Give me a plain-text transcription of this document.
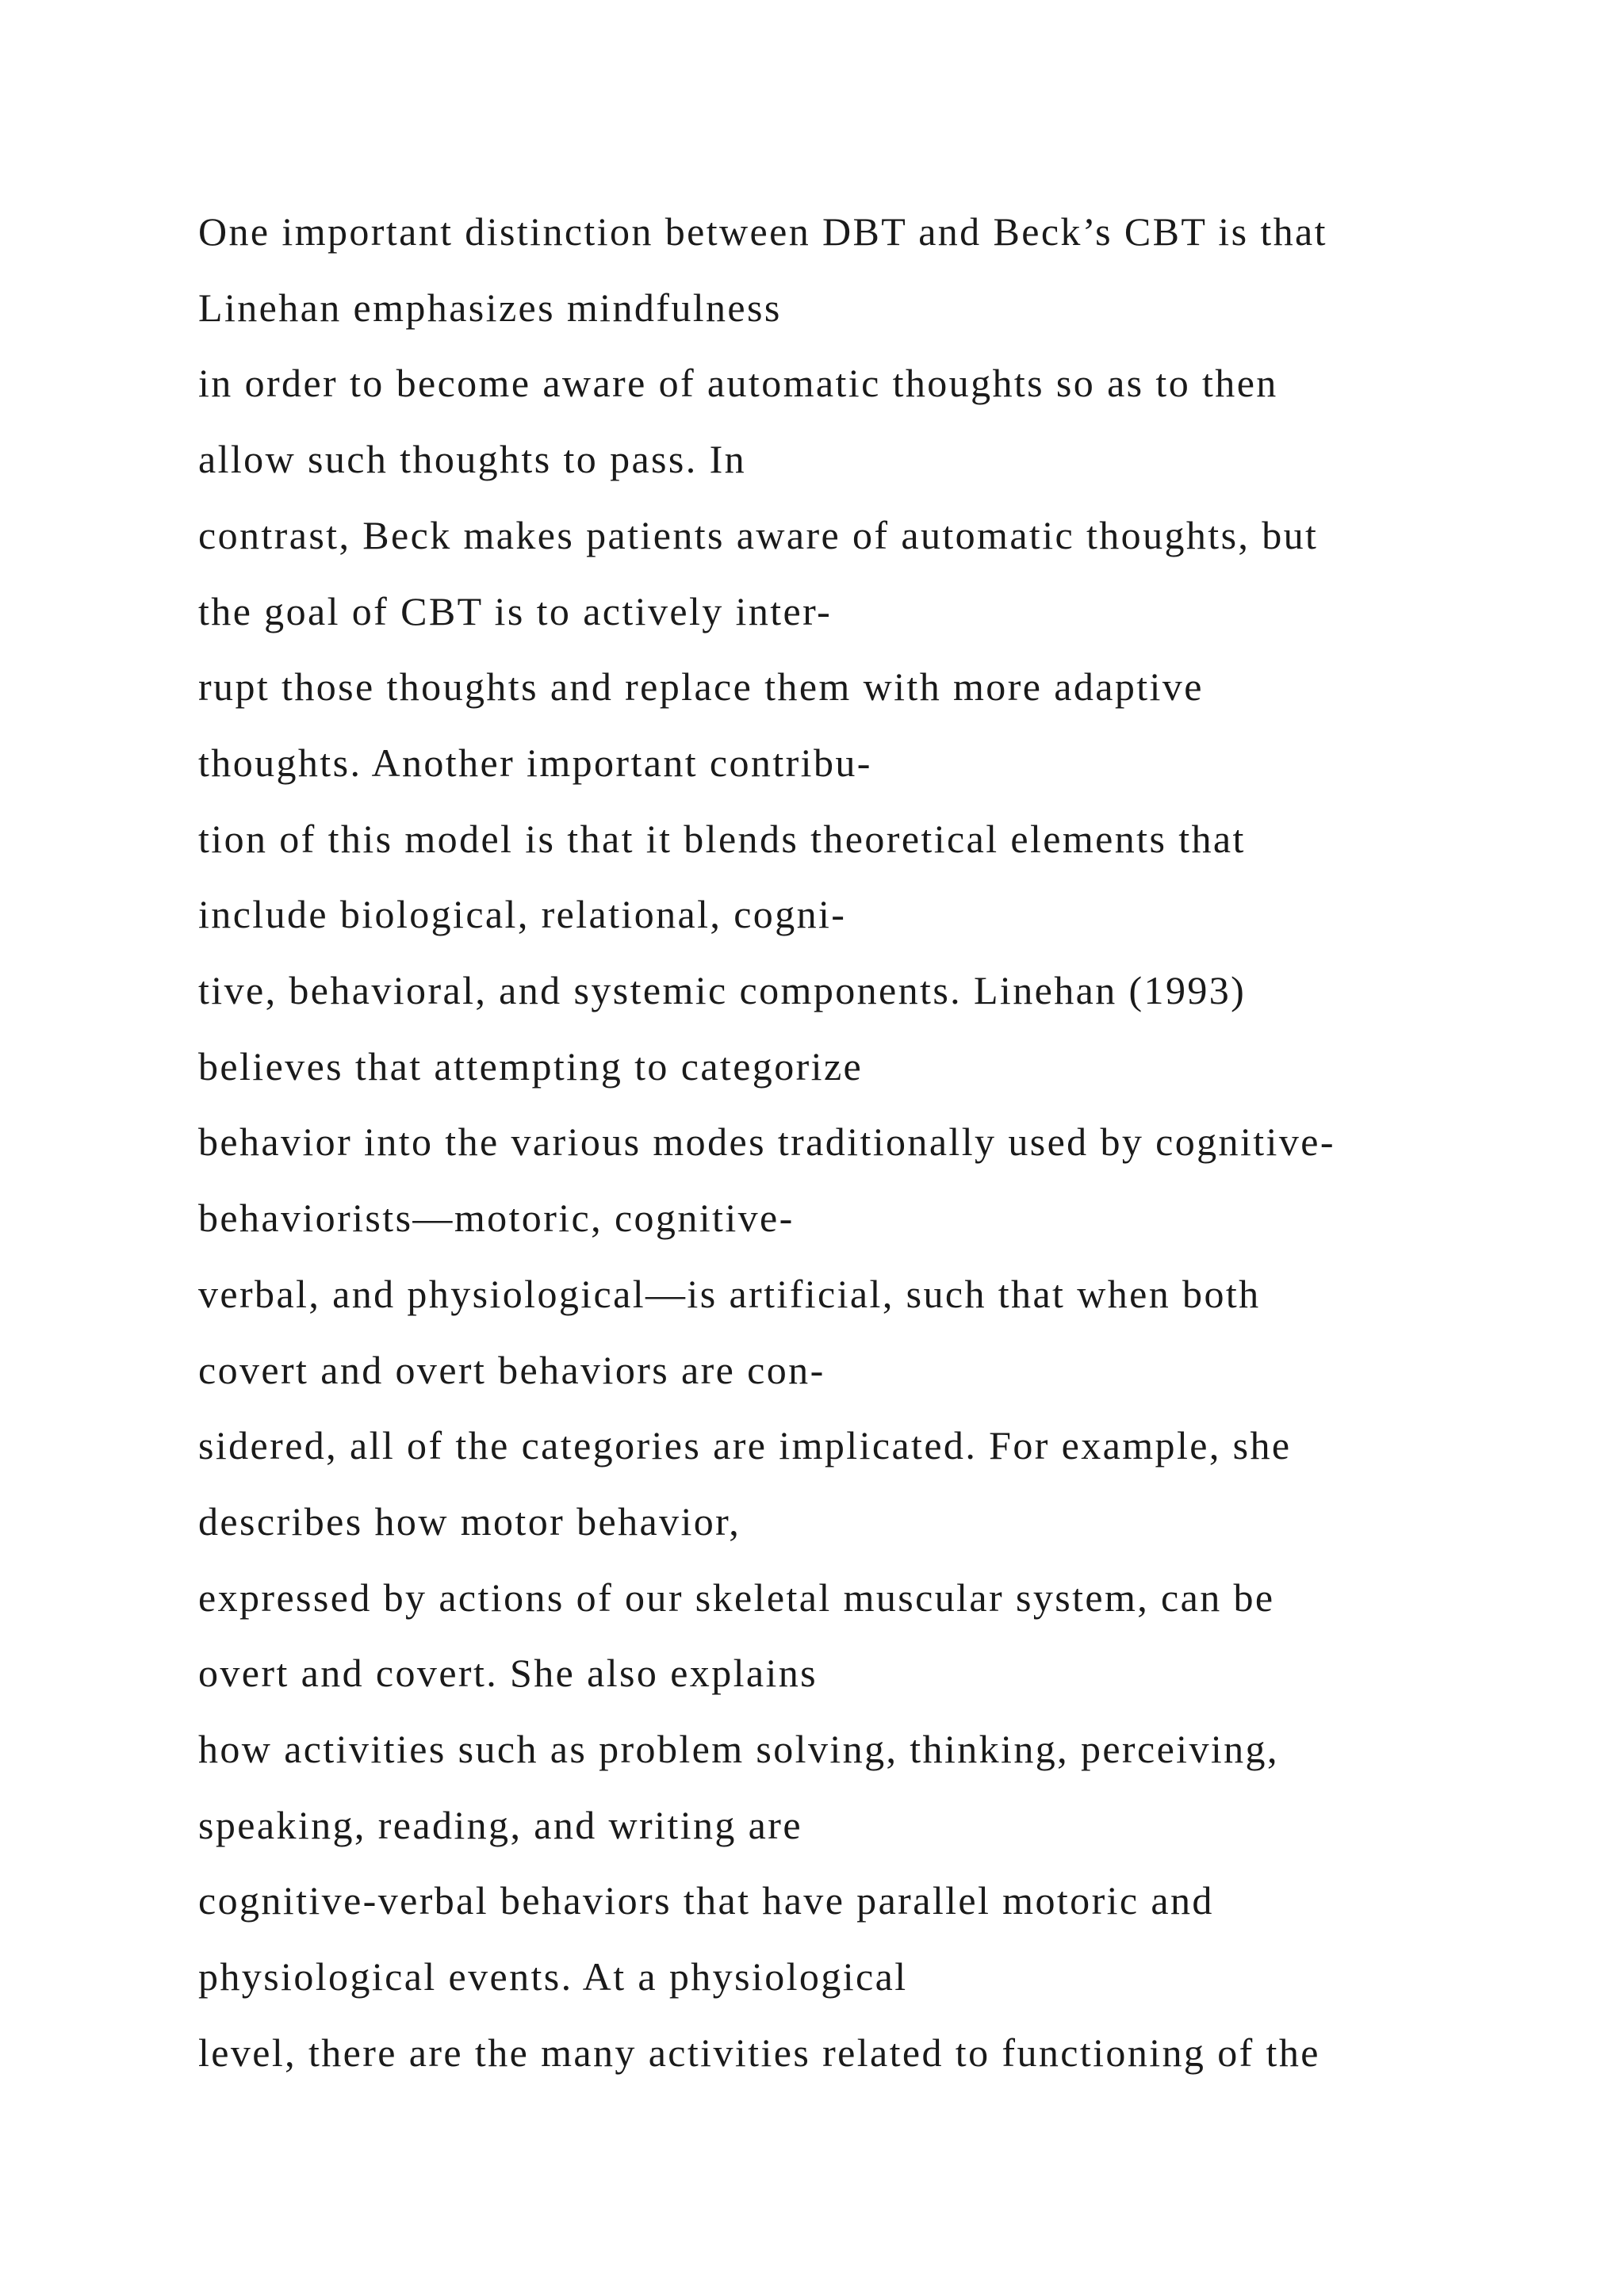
One important distinction between DBT and Beck’s CBT is that
Linehan emphasizes mindfulness
in order to become aware of automatic thoughts so as to then
allow such thoughts to pass. In
contrast, Beck makes patients aware of automatic thoughts, but
the goal of CBT is to actively inter-
rupt those thoughts and replace them with more adaptive
thoughts. Another important contribu-
tion of this model is that it blends theoretical elements that
include biological, relational, cogni-
tive, behavioral, and systemic components. Linehan (1993)
believes that attempting to categorize
behavior into the various modes traditionally used by cognitive-
behaviorists—motoric, cognitive-
verbal, and physiological—is artificial, such that when both
covert and overt behaviors are con-
sidered, all of the categories are implicated. For example, she
describes how motor behavior,
expressed by actions of our skeletal muscular system, can be
overt and covert. She also explains
how activities such as problem solving, thinking, perceiving,
speaking, reading, and writing are
cognitive-verbal behaviors that have parallel motoric and
physiological events. At a physiological
level, there are the many activities related to functioning of the
